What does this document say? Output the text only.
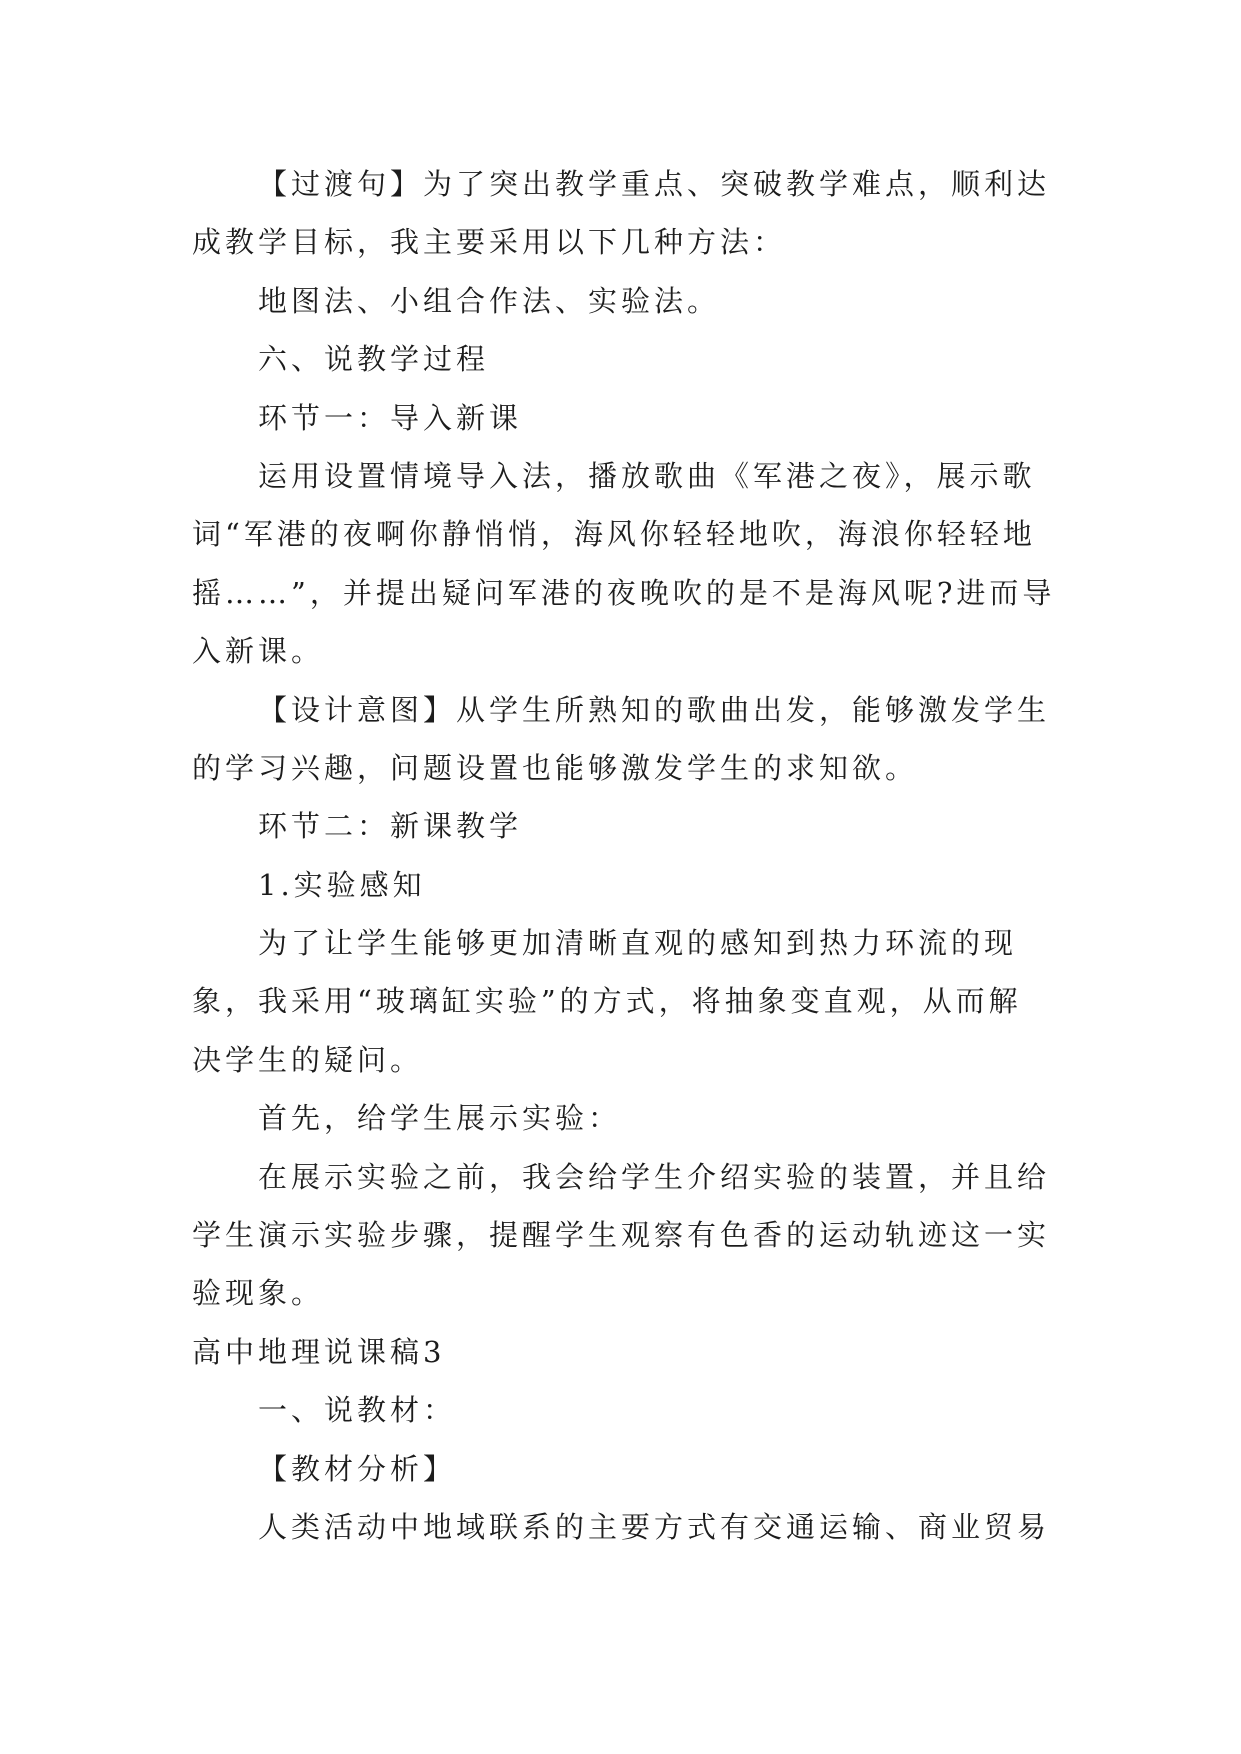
【过渡句】为了突出教学重点、突破教学难点，顺利达
成教学目标，我主要采用以下几种方法：
地图法、小组合作法、实验法。
六、说教学过程
环节一：导入新课
运用设置情境导入法，播放歌曲《军港之夜》，展示歌
词“军港的夜啊你静悄悄，海风你轻轻地吹，海浪你轻轻地
摇……”，并提出疑问军港的夜晚吹的是不是海风呢?进而导
入新课。
【设计意图】从学生所熟知的歌曲出发，能够激发学生
的学习兴趣，问题设置也能够激发学生的求知欲。
环节二：新课教学
1.实验感知
为了让学生能够更加清晰直观的感知到热力环流的现
象，我采用“玻璃缸实验”的方式，将抽象变直观，从而解
决学生的疑问。
首先，给学生展示实验：
在展示实验之前，我会给学生介绍实验的装置，并且给
学生演示实验步骤，提醒学生观察有色香的运动轨迹这一实
验现象。
高中地理说课稿3
一、说教材：
【教材分析】
人类活动中地域联系的主要方式有交通运输、商业贸易
